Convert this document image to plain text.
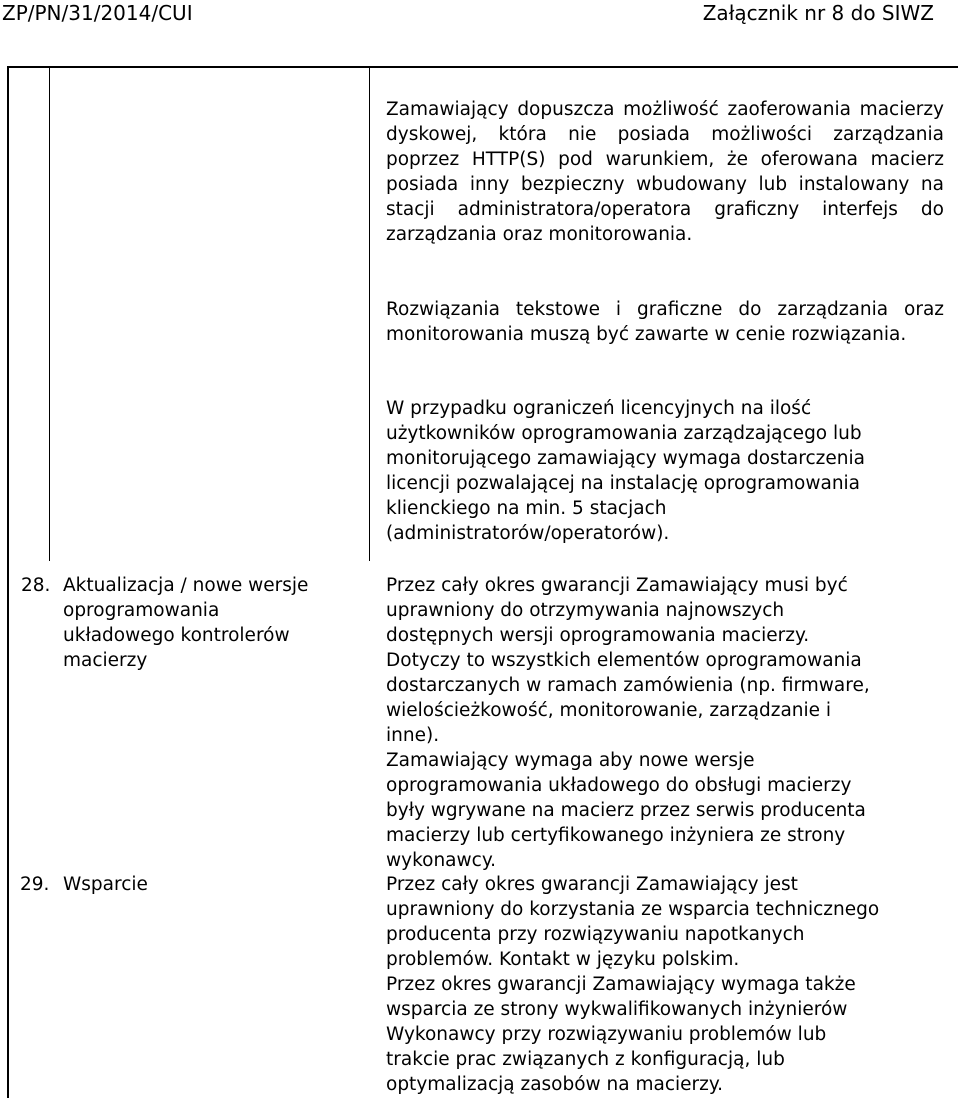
ZP/PN/31/2014/CUI	Załącznik nr 8 do SIWZ
Zamawiający dopuszcza możliwość zaoferowania macierzy dyskowej, która nie posiada możliwości zarządzania poprzez HTTP(S) pod warunkiem, że oferowana macierz posiada inny bezpieczny wbudowany lub instalowany na stacji administratora/operatora graficzny interfejs do zarządzania oraz monitorowania.
Rozwiązania tekstowe i graficzne do zarządzania oraz monitorowania muszą być zawarte w cenie rozwiązania.
W przypadku ograniczeń licencyjnych na ilość użytkowników oprogramowania zarządzającego lub monitorującego zamawiający wymaga dostarczenia licencji pozwalającej na instalację oprogramowania klienckiego na min. 5 stacjach (administratorów/operatorów).
28. Aktualizacja / nowe wersje
oprogramowania
układowego kontrolerów
macierzy
Przez cały okres gwarancji Zamawiający musi być
uprawniony do otrzymywania najnowszych
dostępnych wersji oprogramowania macierzy.
Dotyczy to wszystkich elementów oprogramowania
dostarczanych w ramach zamówienia (np. firmware,
wielościeżkowość, monitorowanie, zarządzanie i
inne).
Zamawiający wymaga aby nowe wersje
oprogramowania układowego do obsługi macierzy
były wgrywane na macierz przez serwis producenta
macierzy lub certyfikowanego inżyniera ze strony
wykonawcy.
29. Wsparcie	Przez cały okres gwarancji Zamawiający jest
uprawniony do korzystania ze wsparcia technicznego
producenta przy rozwiązywaniu napotkanych
problemów. Kontakt w języku polskim.
Przez okres gwarancji Zamawiający wymaga także
wsparcia ze strony wykwalifikowanych inżynierów
Wykonawcy przy rozwiązywaniu problemów lub
trakcie prac związanych z konfiguracją, lub
optymalizacją zasobów na macierzy.
